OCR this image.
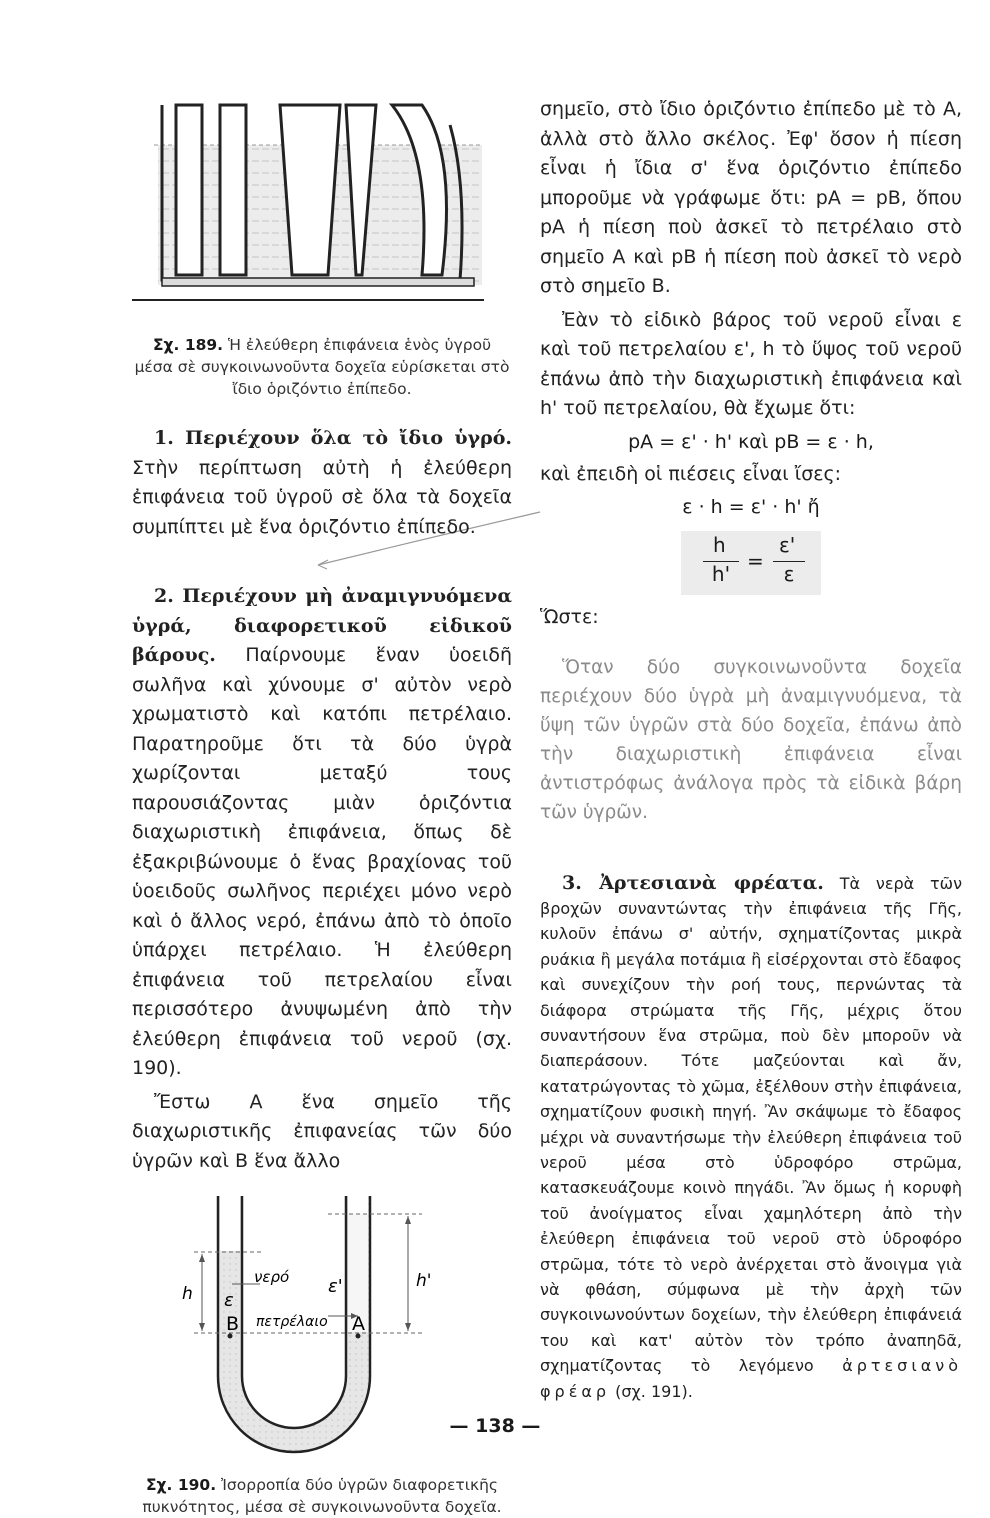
Σχ. 189. Ἡ ἐλεύθερη ἐπιφάνεια ἑνὸς ὑγροῦ μέσα σὲ συγκοινωνοῦντα δοχεῖα εὑρίσκεται στὸ ἴδιο ὁριζόντιο ἐπίπεδο.

1. Περιέχουν ὅλα τὸ ἴδιο ὑγρό. Στὴν περίπτωση αὐτὴ ἡ ἐλεύθερη ἐπιφάνεια τοῦ ὑγροῦ σὲ ὅλα τὰ δοχεῖα συμπίπτει μὲ ἕνα ὁριζόντιο ἐπίπεδο.

2. Περιέχουν μὴ ἀναμιγνυόμενα ὑγρά, διαφορετικοῦ εἰδικοῦ βάρους. Παίρνουμε ἕναν ὑοειδῆ σωλῆνα καὶ χύνουμε σ' αὐτὸν νερὸ χρωματιστὸ καὶ κατόπι πετρέλαιο. Παρατηροῦμε ὅτι τὰ δύο ὑγρὰ χωρίζονται μεταξύ τους παρουσιάζοντας μιὰν ὁριζόντια διαχωριστικὴ ἐπιφάνεια, ὅπως δὲ ἐξακριβώνουμε ὁ ἕνας βραχίονας τοῦ ὑοειδοῦς σωλῆνος περιέχει μόνο νερὸ καὶ ὁ ἄλλος νερό, ἐπάνω ἀπὸ τὸ ὁποῖο ὑπάρχει πετρέλαιο. Ἡ ἐλεύθερη ἐπιφάνεια τοῦ πετρελαίου εἶναι περισσότερο ἀνυψωμένη ἀπὸ τὴν ἐλεύθερη ἐπιφάνεια τοῦ νεροῦ (σχ. 190).

Ἔστω Α ἕνα σημεῖο τῆς διαχωριστικῆς ἐπιφανείας τῶν δύο ὑγρῶν καὶ Β ἕνα ἄλλο

νερό
ε
ε'
πετρέλαιο
h
h'
B	A

Σχ. 190. Ἰσορροπία δύο ὑγρῶν διαφορετικῆς πυκνότητος, μέσα σὲ συγκοινωνοῦντα δοχεῖα.

σημεῖο, στὸ ἴδιο ὁριζόντιο ἐπίπεδο μὲ τὸ Α, ἀλλὰ στὸ ἄλλο σκέλος. Ἐφ' ὅσον ἡ πίεση εἶναι ἡ ἴδια σ' ἕνα ὁριζόντιο ἐπίπεδο μποροῦμε νὰ γράφωμε ὅτι: pΑ = pΒ, ὅπου pΑ ἡ πίεση ποὺ ἀσκεῖ τὸ πετρέλαιο στὸ σημεῖο Α καὶ pΒ ἡ πίεση ποὺ ἀσκεῖ τὸ νερὸ στὸ σημεῖο Β.

Ἐὰν τὸ εἰδικὸ βάρος τοῦ νεροῦ εἶναι ε καὶ τοῦ πετρελαίου ε', h τὸ ὕψος τοῦ νεροῦ ἐπάνω ἀπὸ τὴν διαχωριστικὴ ἐπιφάνεια καὶ h' τοῦ πετρελαίου, θὰ ἔχωμε ὅτι:

pΑ = ε' · h' καὶ pΒ = ε · h,

καὶ ἐπειδὴ οἱ πιέσεις εἶναι ἴσες:

ε · h = ε' · h' ἤ

h
h'
=
ε'
ε

Ὥστε:

Ὅταν δύο συγκοινωνοῦντα δοχεῖα περιέχουν δύο ὑγρὰ μὴ ἀναμιγνυόμενα, τὰ ὕψη τῶν ὑγρῶν στὰ δύο δοχεῖα, ἐπάνω ἀπὸ τὴν διαχωριστικὴ ἐπιφάνεια εἶναι ἀντιστρόφως ἀνάλογα πρὸς τὰ εἰδικὰ βάρη τῶν ὑγρῶν.

3. Ἀρτεσιανὰ φρέατα. Τὰ νερὰ τῶν βροχῶν συναντώντας τὴν ἐπιφάνεια τῆς Γῆς, κυλοῦν ἐπάνω σ' αὐτήν, σχηματίζοντας μικρὰ ρυάκια ἢ μεγάλα ποτάμια ἢ εἰσέρχονται στὸ ἔδαφος καὶ συνεχίζουν τὴν ροή τους, περνώντας τὰ διάφορα στρώματα τῆς Γῆς, μέχρις ὅτου συναντήσουν ἕνα στρῶμα, ποὺ δὲν μποροῦν νὰ διαπεράσουν. Τότε μαζεύονται καὶ ἄν, κατατρώγοντας τὸ χῶμα, ἐξέλθουν στὴν ἐπιφάνεια, σχηματίζουν φυσικὴ πηγή. Ἂν σκάψωμε τὸ ἔδαφος μέχρι νὰ συναντήσωμε τὴν ἐλεύθερη ἐπιφάνεια τοῦ νεροῦ μέσα στὸ ὑδροφόρο στρῶμα, κατασκευάζουμε κοινὸ πηγάδι. Ἂν ὅμως ἡ κορυφὴ τοῦ ἀνοίγματος εἶναι χαμηλότερη ἀπὸ τὴν ἐλεύθερη ἐπιφάνεια τοῦ νεροῦ στὸ ὑδροφόρο στρῶμα, τότε τὸ νερὸ ἀνέρχεται στὸ ἄνοιγμα γιὰ νὰ φθάση, σύμφωνα μὲ τὴν ἀρχὴ τῶν συγκοινωνούντων δοχείων, τὴν ἐλεύθερη ἐπιφάνειά του καὶ κατ' αὐτὸν τὸν τρόπο ἀναπηδᾶ, σχηματίζοντας τὸ λεγόμενο ἀρτεσιανὸ φρέαρ (σχ. 191).

— 138 —
